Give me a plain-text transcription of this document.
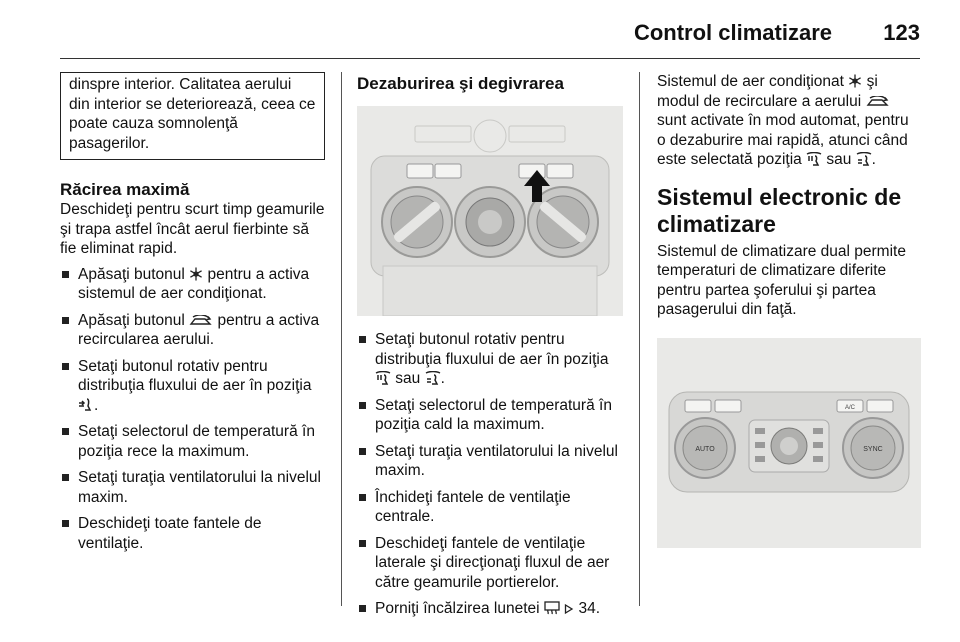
Control climatizare 123

dinspre interior. Calitatea aerului din interior se deteriorează, ceea ce poate cauza somnolenţă pasagerilor.

Răcirea maximă

Deschideţi pentru scurt timp geamurile şi trapa astfel încât aerul fierbinte să fie eliminat rapid.

Apăsaţi butonul  pentru a activa sistemul de aer condiţionat.
Apăsaţi butonul  pentru a activa recircularea aerului.
Setaţi butonul rotativ pentru distribuţia fluxului de aer în poziţia .
Setaţi selectorul de temperatură în poziţia rece la maximum.
Setaţi turaţia ventilatorului la nivelul maxim.
Deschideţi toate fantele de ventilaţie.
Dezaburirea şi degivrarea
Setaţi butonul rotativ pentru distribuţia fluxului de aer în poziţia  sau .
Setaţi selectorul de temperatură în poziţia cald la maximum.
Setaţi turaţia ventilatorului la nivelul maxim.
Închideţi fantele de ventilaţie centrale.
Deschideţi fantele de ventilaţie laterale şi direcţionaţi fluxul de aer către geamurile portierelor.
Porniţi încălzirea lunetei   34.

Sistemul de aer condiţionat  şi modul de recirculare a aerului  sunt activate în mod automat, pentru o dezaburire mai rapidă, atunci când este selectată poziţia  sau .

Sistemul electronic de climatizare

Sistemul de climatizare dual permite temperaturi de climatizare diferite pentru partea şoferului şi partea pasagerului din faţă.

A/C
AUTO	SYNC
